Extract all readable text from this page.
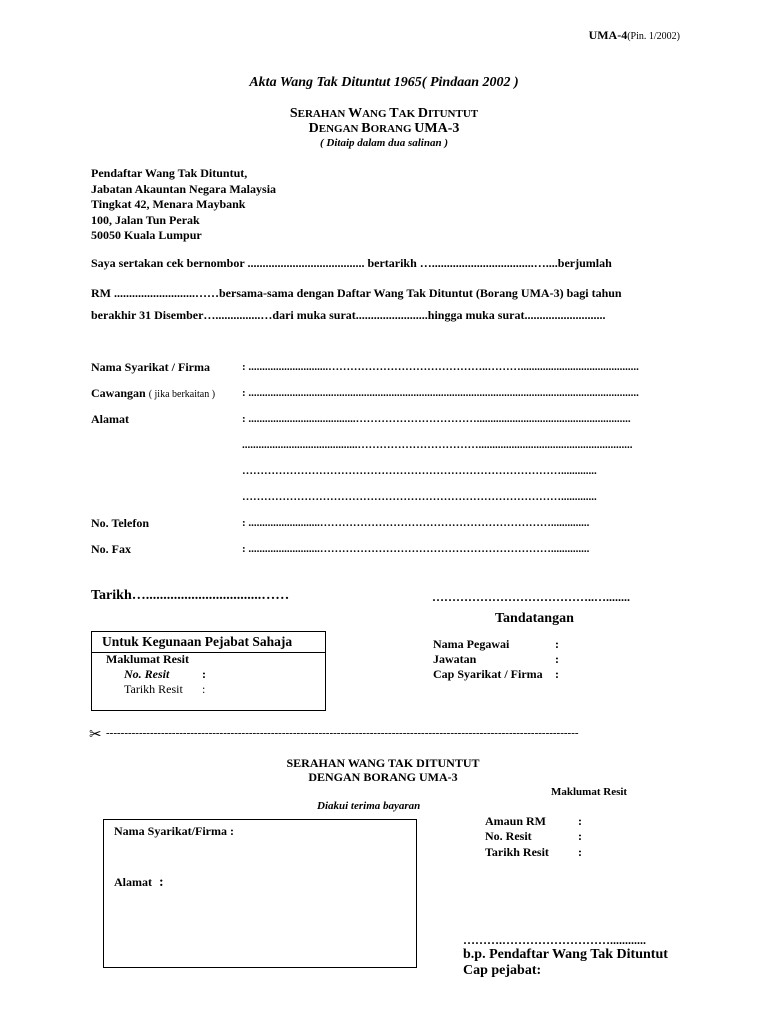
UMA-4(Pin. 1/2002)
Akta Wang Tak Dituntut 1965( Pindaan 2002 )
SERAHAN WANG TAK DITUNTUT
DENGAN BORANG UMA-3
( Ditaip dalam dua salinan )
Pendaftar Wang Tak Dituntut,
Jabatan Akauntan Negara Malaysia
Tingkat 42, Menara Maybank
100, Jalan Tun Perak
50050 Kuala Lumpur
Saya sertakan cek bernombor ....................................... bertarikh …..................................…....berjumlah
RM ...........................……bersama-sama dengan Daftar Wang Tak Dituntut (Borang UMA-3) bagi tahun
berakhir 31 Disember…...............…dari muka surat........................hingga muka surat...........................
Nama Syarikat / Firma	: .............................……………………………………..………...........................................
Cawangan ( jika berkaitan ) : ..............................................................................................................................................
Alamat	: .......................................……………………………........................................................
..........................................……………………………........................................................
…………………………………………………………………………….............
…………………………………………………………………………….............
No. Telefon	: ..........................………………………………………………………..............
No. Fax	: ..........................………………………………………………………..............
Tarikh….................................……	…………………………………..…........
Tandatangan
Untuk Kegunaan Pejabat Sahaja
Maklumat Resit
No. Resit	:
Tarikh Resit :
Nama Pegawai	:
Jawatan	:
Cap Syarikat / Firma :
✂ ---------------------------------------------------------------------------------------------------------------------------------
SERAHAN WANG TAK DITUNTUT
DENGAN BORANG UMA-3
Maklumat Resit
Diakui terima bayaran
Nama Syarikat/Firma :
Alamat :
Amaun RM	:
No. Resit	:
Tarikh Resit :
……….………………………............
b.p. Pendaftar Wang Tak Dituntut
Cap pejabat:
